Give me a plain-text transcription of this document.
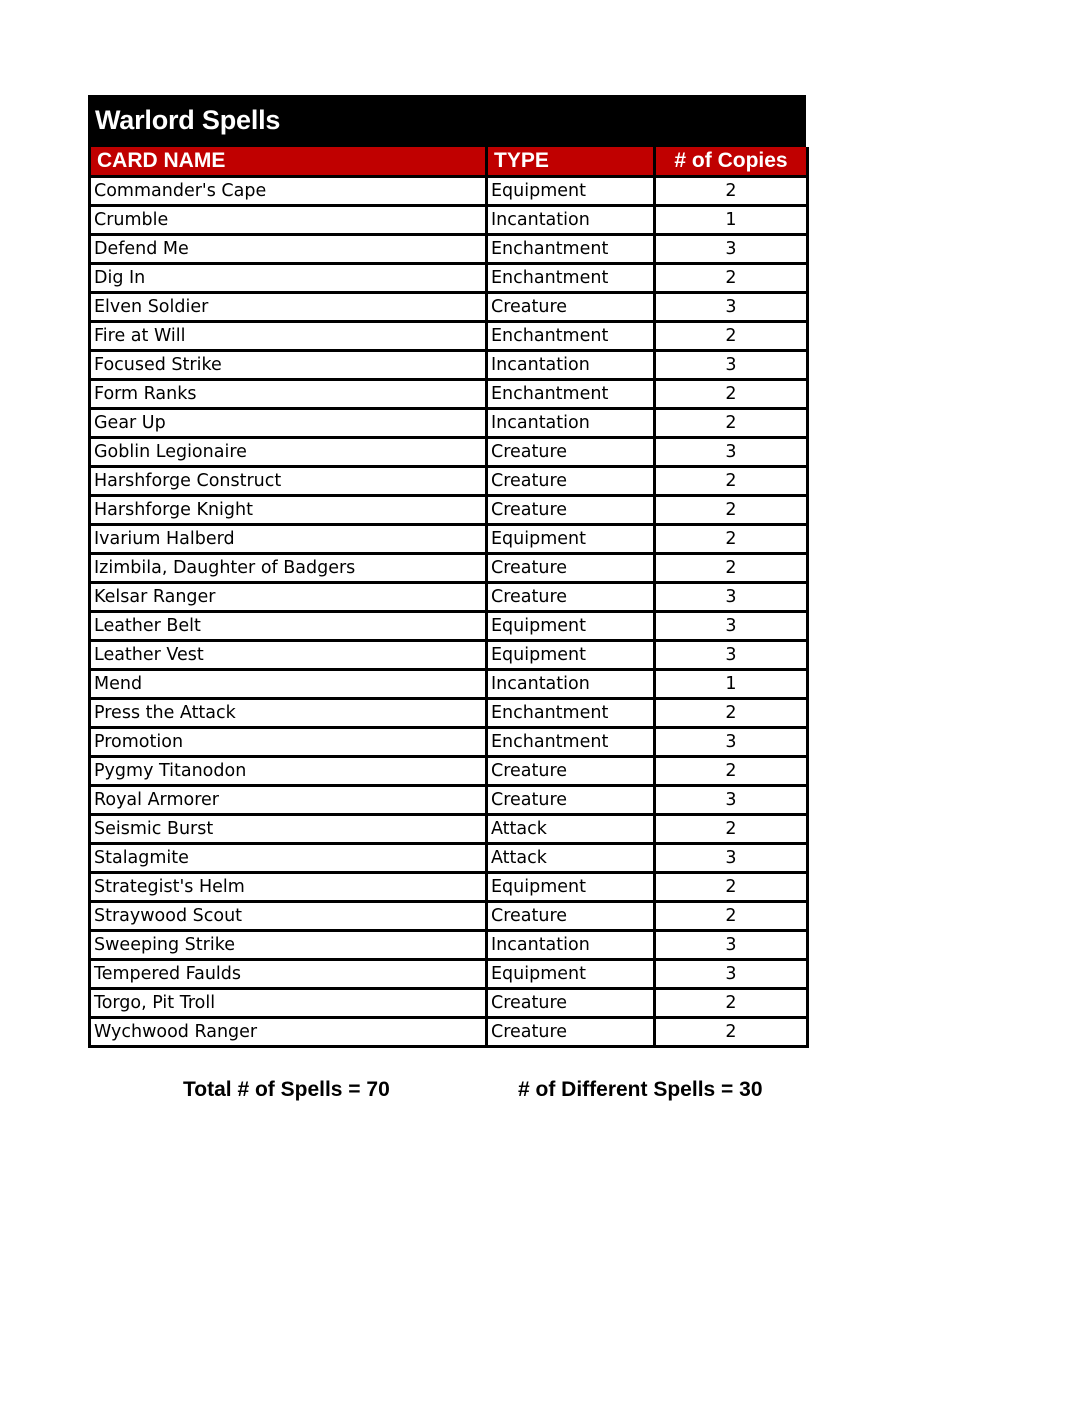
Warlord Spells
CARD NAME	TYPE	# of Copies
Commander's Cape	Equipment	2
Crumble	Incantation	1
Defend Me	Enchantment	3
Dig In	Enchantment	2
Elven Soldier	Creature	3
Fire at Will	Enchantment	2
Focused Strike	Incantation	3
Form Ranks	Enchantment	2
Gear Up	Incantation	2
Goblin Legionaire	Creature	3
Harshforge Construct	Creature	2
Harshforge Knight	Creature	2
Ivarium Halberd	Equipment	2
Izimbila, Daughter of Badgers	Creature	2
Kelsar Ranger	Creature	3
Leather Belt	Equipment	3
Leather Vest	Equipment	3
Mend	Incantation	1
Press the Attack	Enchantment	2
Promotion	Enchantment	3
Pygmy Titanodon	Creature	2
Royal Armorer	Creature	3
Seismic Burst	Attack	2
Stalagmite	Attack	3
Strategist's Helm	Equipment	2
Straywood Scout	Creature	2
Sweeping Strike	Incantation	3
Tempered Faulds	Equipment	3
Torgo, Pit Troll	Creature	2
Wychwood Ranger	Creature	2
Total # of Spells = 70	# of Different Spells = 30
